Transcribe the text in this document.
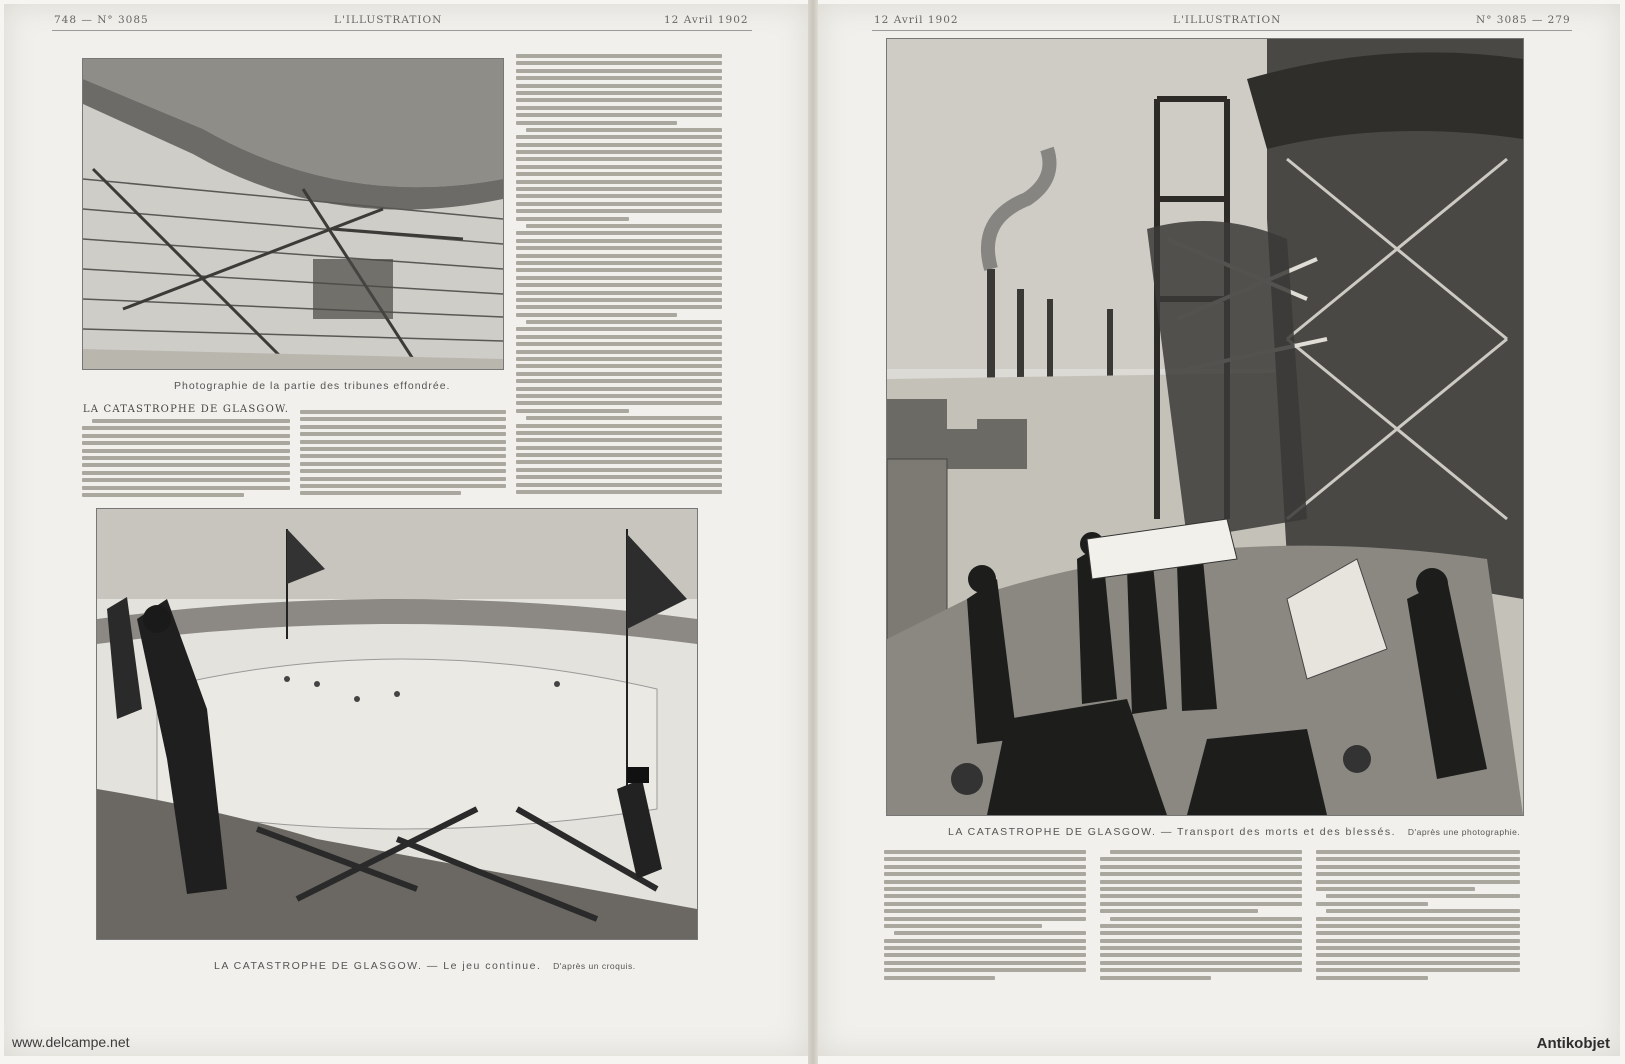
748 — N° 3085	L'ILLUSTRATION	12 Avril 1902
Photographie de la partie des tribunes effondrée.
LA CATASTROPHE DE GLASGOW.
LA CATASTROPHE DE GLASGOW. — Le jeu continue. D'après un croquis.
www.delcampe.net
12 Avril 1902	L'ILLUSTRATION	N° 3085 — 279
LA CATASTROPHE DE GLASGOW. — Transport des morts et des blessés. D'après une photographie.
Antikobjet
